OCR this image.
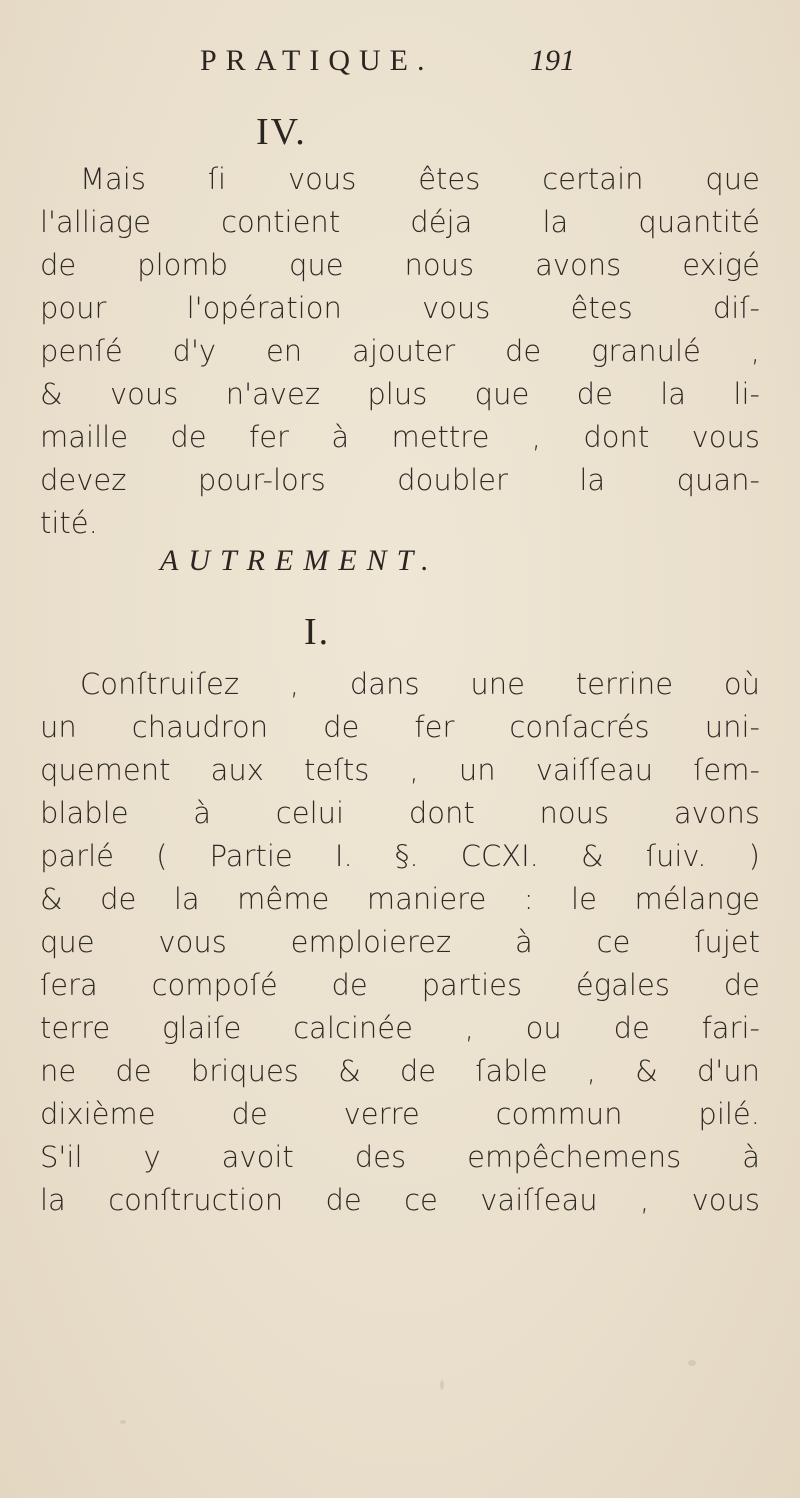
PRATIQUE.	191
IV.
Mais ſi vous êtes certain que
l'alliage contient déja la quantité
de plomb que nous avons exigé
pour l'opération vous êtes diſ-
penſé d'y en ajouter de granulé ,
& vous n'avez plus que de la li-
maille de fer à mettre , dont vous
devez pour-lors doubler la quan-
tité.
AUTREMENT.
I.
Conſtruiſez , dans une terrine où
un chaudron de fer conſacrés uni-
quement aux teſts , un vaiſſeau ſem-
blable à celui dont nous avons
parlé ( Partie I. §. CCXI. & ſuiv. )
& de la même maniere : le mélange
que vous emploierez à ce ſujet
ſera compoſé de parties égales de
terre glaiſe calcinée , ou de fari-
ne de briques & de ſable , & d'un
dixième de verre commun pilé.
S'il y avoit des empêchemens à
la conſtruction de ce vaiſſeau , vous
